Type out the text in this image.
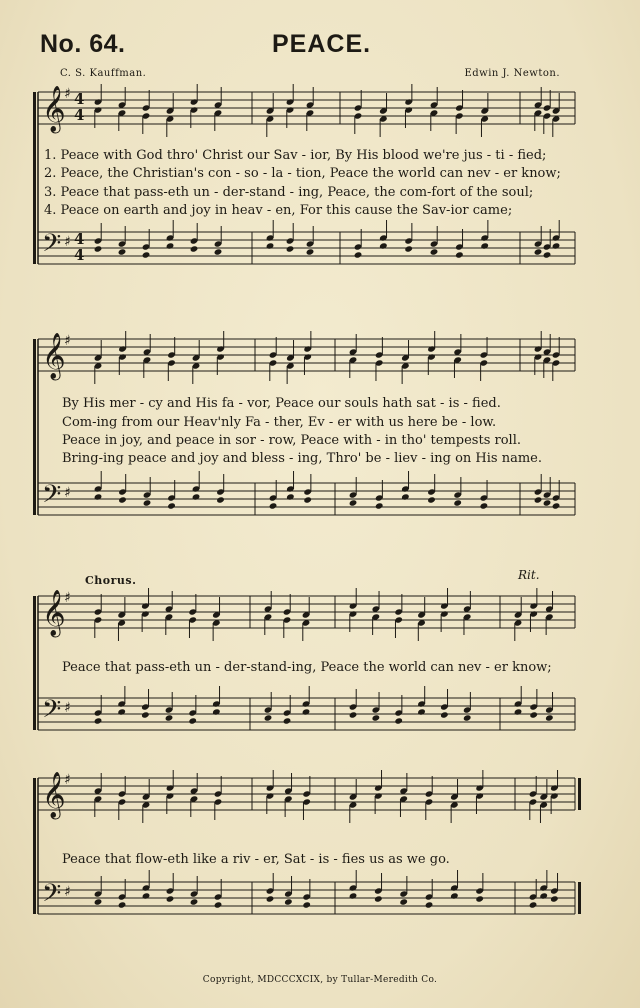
No. 64.	PEACE.
C. S. Kauffman.	Edwin J. Newton.
𝄞
𝄢
♯
♯
4
4
4
4
1. Peace with God thro' Christ our Sav - ior, By His blood we're jus - ti - fied;
2. Peace, the Christian's con - so - la - tion, Peace the world can nev - er know;
3. Peace that pass-eth un - der-stand - ing, Peace, the com-fort of the soul;
4. Peace on earth and joy in heav - en, For this cause the Sav-ior came;
𝄞
𝄢
♯
♯
By His mer - cy and His fa - vor, Peace our souls hath sat - is - fied.
Com-ing from our Heav'nly Fa - ther, Ev - er with us here be - low.
Peace in joy, and peace in sor - row, Peace with - in tho' tempests roll.
Bring-ing peace and joy and bless - ing, Thro' be - liev - ing on His name.
Chorus.	Rit.
𝄞
𝄢
♯
♯
Peace that pass-eth un - der-stand-ing, Peace the world can nev - er know;
𝄞
𝄢
♯
♯
Peace that flow-eth like a riv - er, Sat - is - fies us as we go.
Copyright, MDCCCXCIX, by Tullar-Meredith Co.
